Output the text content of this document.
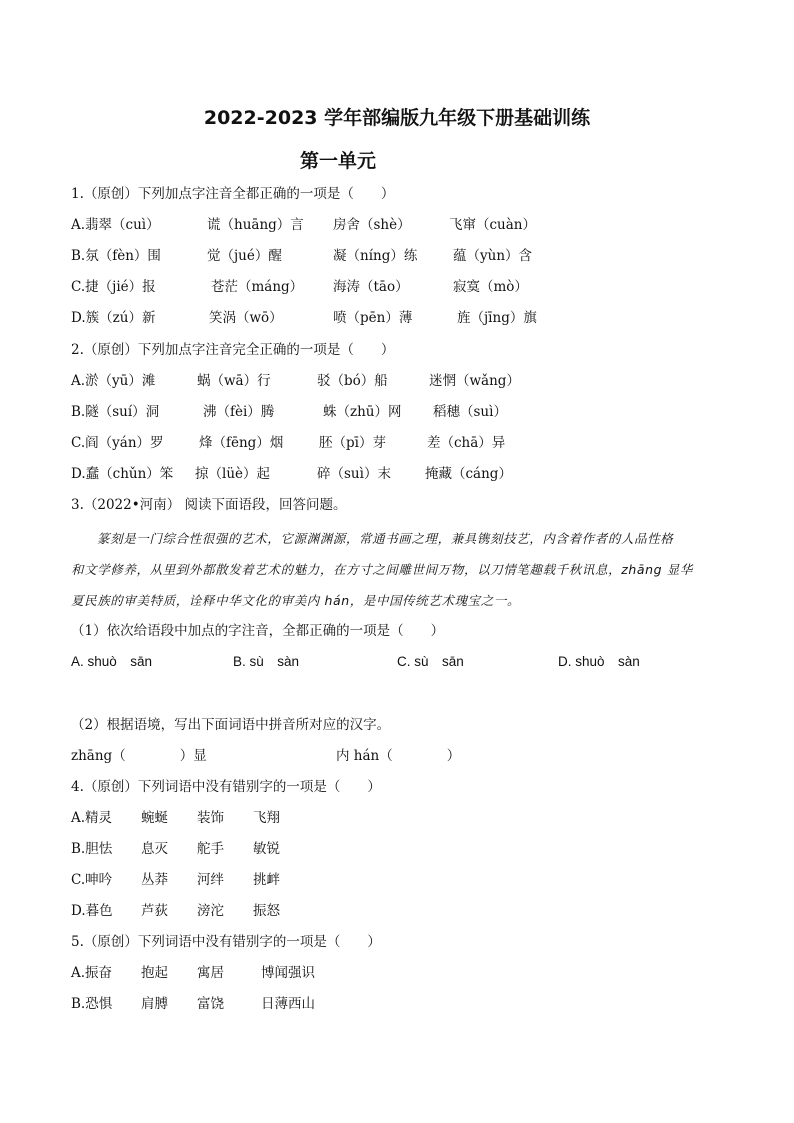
2022-2023 学年部编版九年级下册基础训练
第一单元
1.（原创）下列加点字注音全都正确的一项是（　　）
A.翡翠（cuì）	谎（huāng）言 房舍（shè）	飞窜（cuàn）
B.氛（fèn）围	觉（jué）醒	凝（níng）练	蕴（yùn）含
C.捷（jié）报	苍茫（máng） 海涛（tāo）	寂寞（mò）
D.簇（zú）新	笑涡（wō）	喷（pēn）薄	旌（jīng）旗
2.（原创）下列加点字注音完全正确的一项是（　　）
A.淤（yū）滩	蜗（wā）行	驳（bó）船	迷惘（wǎng）
B.隧（suí）洞	沸（fèi）腾	蛛（zhū）网 稻穗（suì）
C.阎（yán）罗	烽（fēng）烟	胚（pī）芽	差（chā）异
D.蠢（chǔn）笨 掠（lüè）起	碎（suì）末	掩藏（cáng）
3.（2022•河南） 阅读下面语段，回答问题。

篆刻是一门综合性很强的艺术，它源渊渊源，常通书画之理，兼具镌刻技艺，内含着作者的人品性格

和文学修养，从里到外都散发着艺术的魅力，在方寸之间雕世间万物，以刀情笔趣载千秋讯息，zhāng 显华

夏民族的审美特质，诠释中华文化的审美内 hán，是中国传统艺术瑰宝之一。

（1）依次给语段中加点的字注音，全都正确的一项是（　　）
A. shuò　sān	B. sù　sàn	C. sù　sān	D. shuò　sàn
（2）根据语境，写出下面词语中拼音所对应的汉字。
zhāng（　　　　）显	内 hán（　　　　）
4.（原创）下列词语中没有错别字的一项是（　　）
A.精灵 蜿蜒 装饰 飞翔
B.胆怯 息灭 舵手 敏锐
C.呻吟 丛莽 河绊 挑衅
D.暮色 芦荻 滂沱 振怒
5.（原创）下列词语中没有错别字的一项是（　　）
A.振奋 抱起 寓居	博闻强识
B.恐惧 肩膊 富饶	日薄西山
